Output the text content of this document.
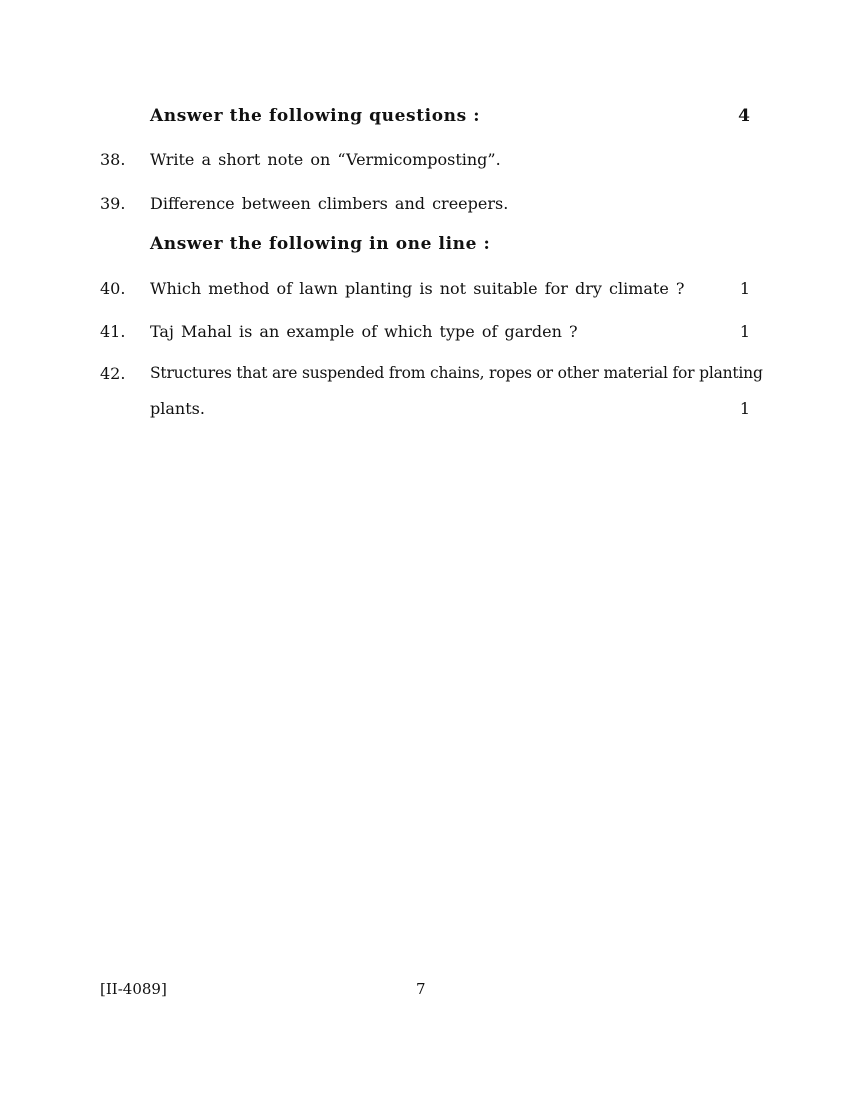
Answer the following questions :	4
38. Write a short note on “Vermicomposting”.
39. Difference between climbers and creepers.
Answer the following in one line :
40. Which method of lawn planting is not suitable for dry climate ?	1
41. Taj Mahal is an example of which type of garden ?	1
42. Structures that are suspended from chains, ropes or other material for planting
plants.	1
[II-4089]	7
